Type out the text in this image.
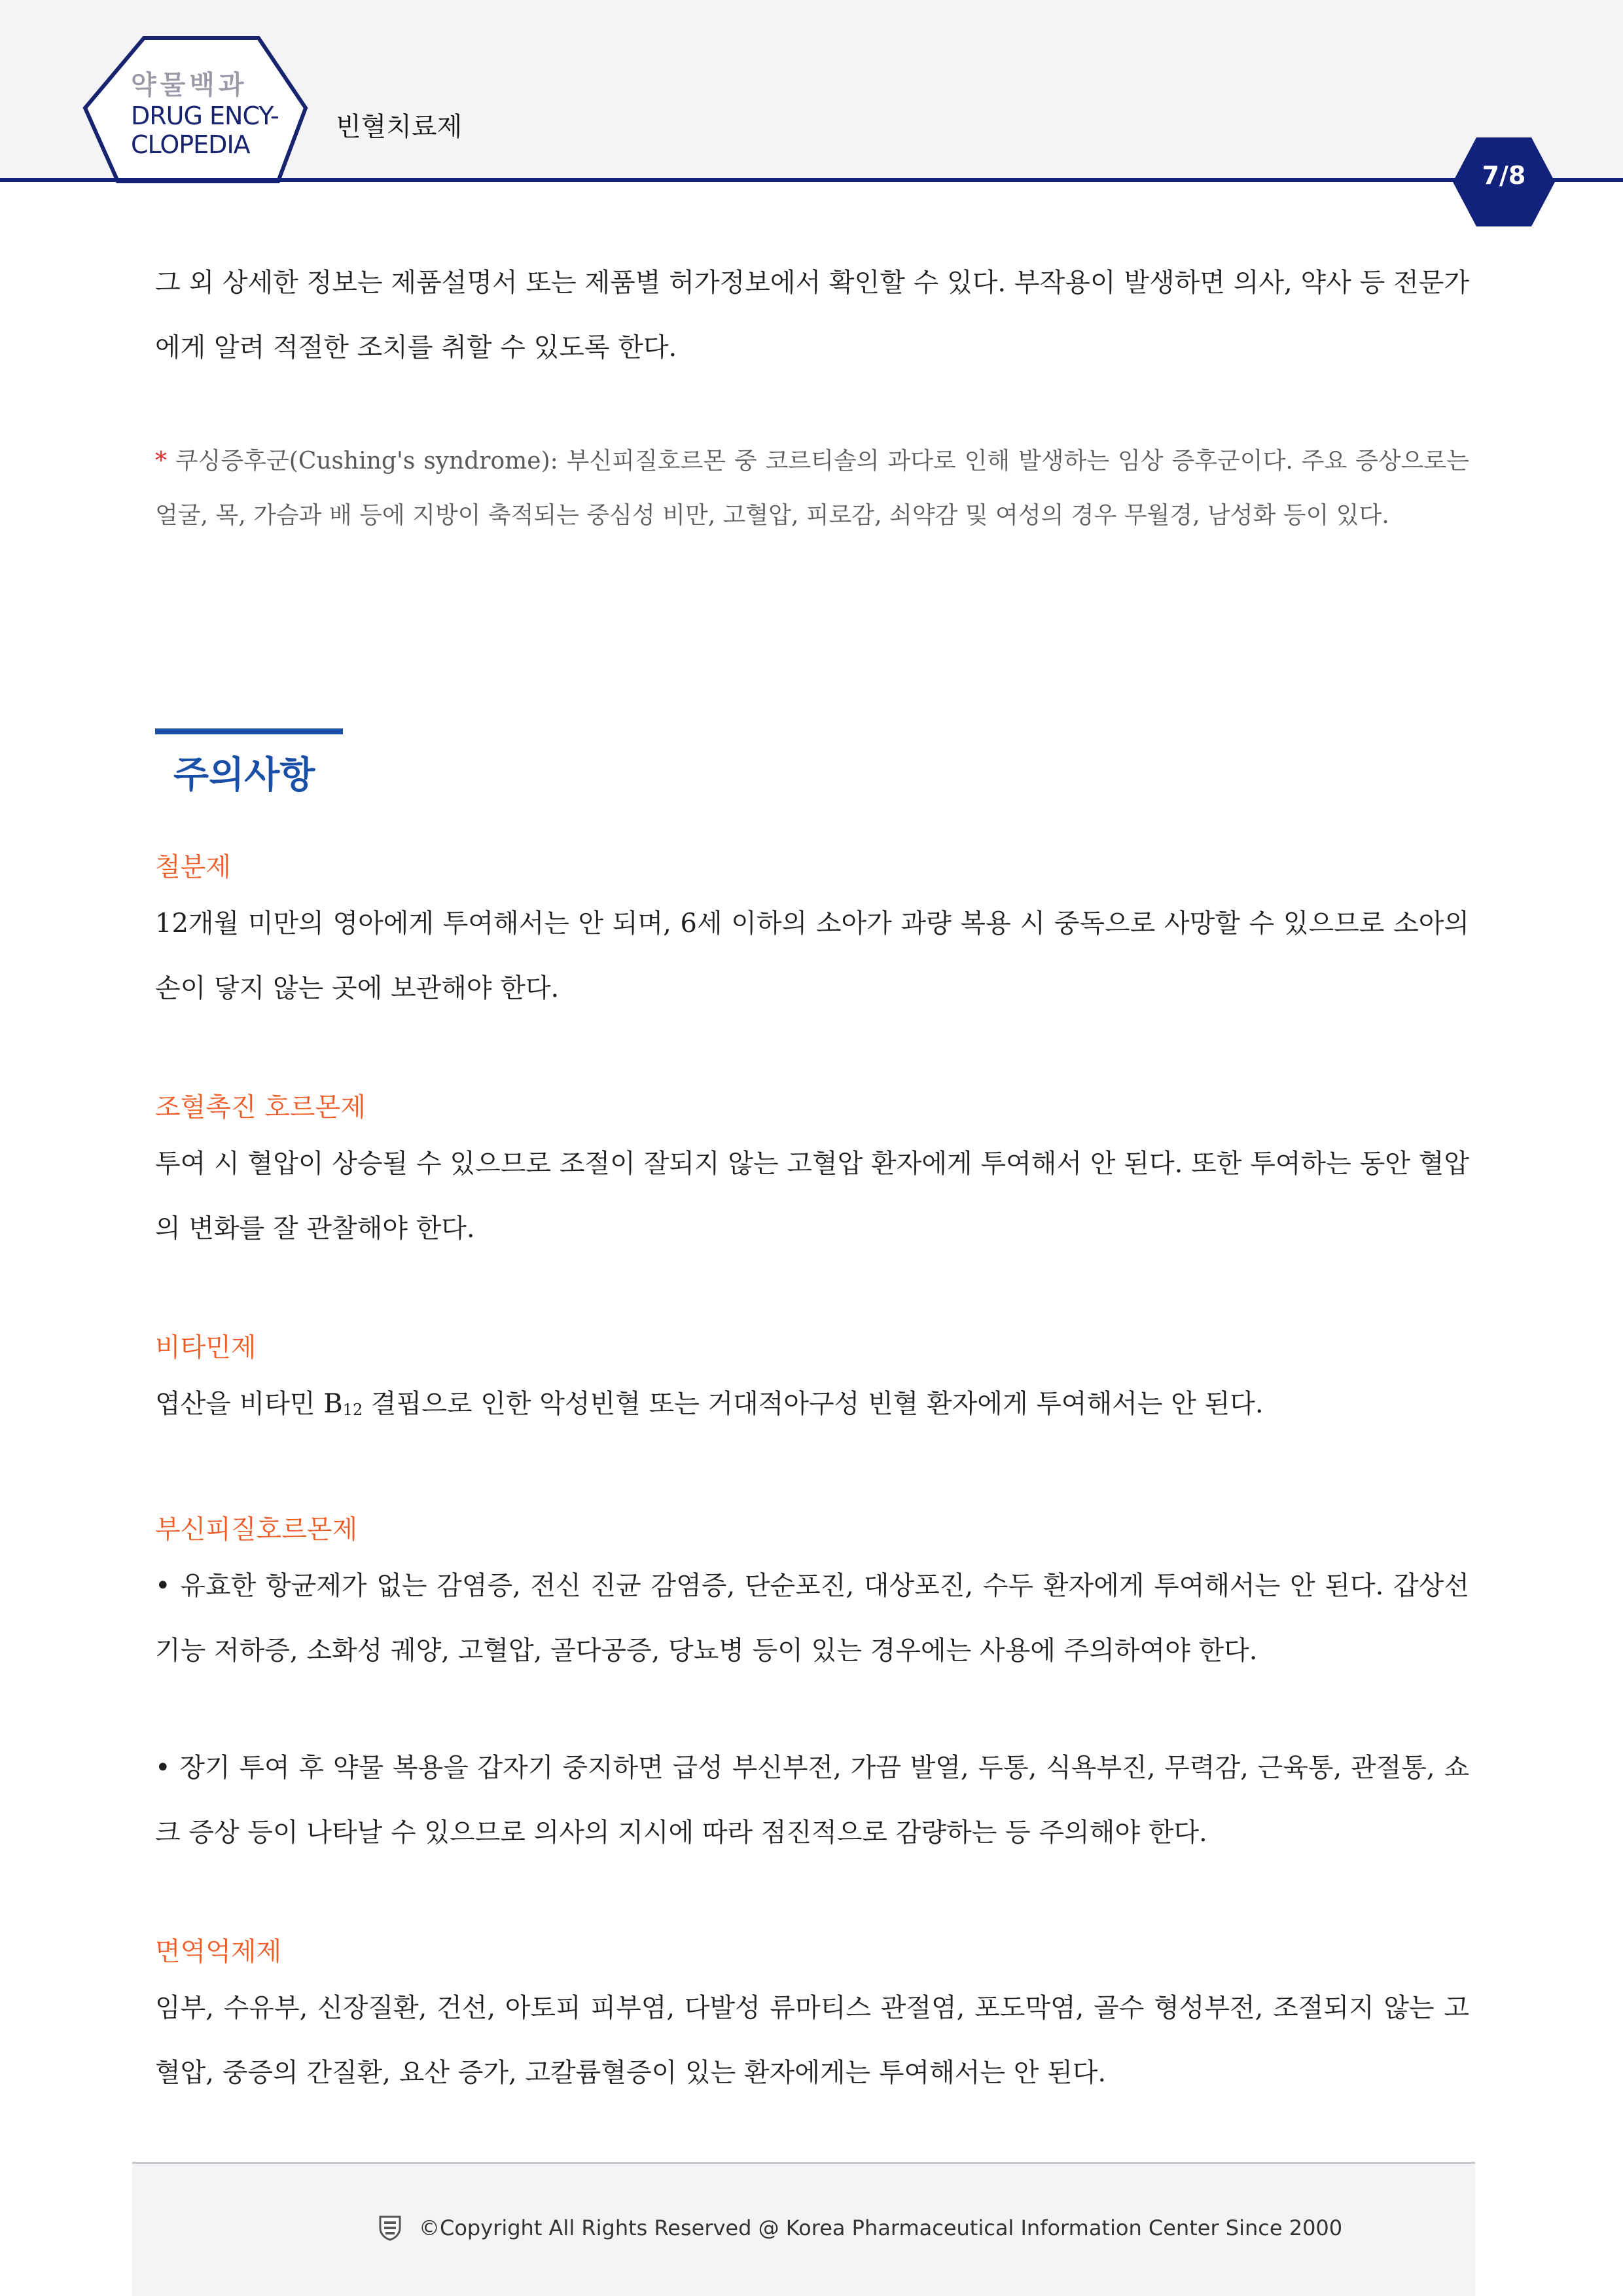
약물백과
DRUG ENCY-
CLOPEDIA
빈혈치료제
7/8

그 외 상세한 정보는 제품설명서 또는 제품별 허가정보에서 확인할 수 있다. 부작용이 발생하면 의사, 약사 등 전문가에게 알려 적절한 조치를 취할 수 있도록 한다.

* 쿠싱증후군(Cushing's syndrome): 부신피질호르몬 중 코르티솔의 과다로 인해 발생하는 임상 증후군이다. 주요 증상으로는 얼굴, 목, 가슴과 배 등에 지방이 축적되는 중심성 비만, 고혈압, 피로감, 쇠약감 및 여성의 경우 무월경, 남성화 등이 있다.

주의사항
철분제

12개월 미만의 영아에게 투여해서는 안 되며, 6세 이하의 소아가 과량 복용 시 중독으로 사망할 수 있으므로 소아의 손이 닿지 않는 곳에 보관해야 한다.

조혈촉진 호르몬제

투여 시 혈압이 상승될 수 있으므로 조절이 잘되지 않는 고혈압 환자에게 투여해서 안 된다. 또한 투여하는 동안 혈압의 변화를 잘 관찰해야 한다.

비타민제

엽산을 비타민 $B_{12}$ 결핍으로 인한 악성빈혈 또는 거대적아구성 빈혈 환자에게 투여해서는 안 된다.

부신피질호르몬제

• 유효한 항균제가 없는 감염증, 전신 진균 감염증, 단순포진, 대상포진, 수두 환자에게 투여해서는 안 된다. 갑상선 기능 저하증, 소화성 궤양, 고혈압, 골다공증, 당뇨병 등이 있는 경우에는 사용에 주의하여야 한다.

• 장기 투여 후 약물 복용을 갑자기 중지하면 급성 부신부전, 가끔 발열, 두통, 식욕부진, 무력감, 근육통, 관절통, 쇼크 증상 등이 나타날 수 있으므로 의사의 지시에 따라 점진적으로 감량하는 등 주의해야 한다.

면역억제제

임부, 수유부, 신장질환, 건선, 아토피 피부염, 다발성 류마티스 관절염, 포도막염, 골수 형성부전, 조절되지 않는 고혈압, 중증의 간질환, 요산 증가, 고칼륨혈증이 있는 환자에게는 투여해서는 안 된다.

©Copyright All Rights Reserved @ Korea Pharmaceutical Information Center Since 2000
